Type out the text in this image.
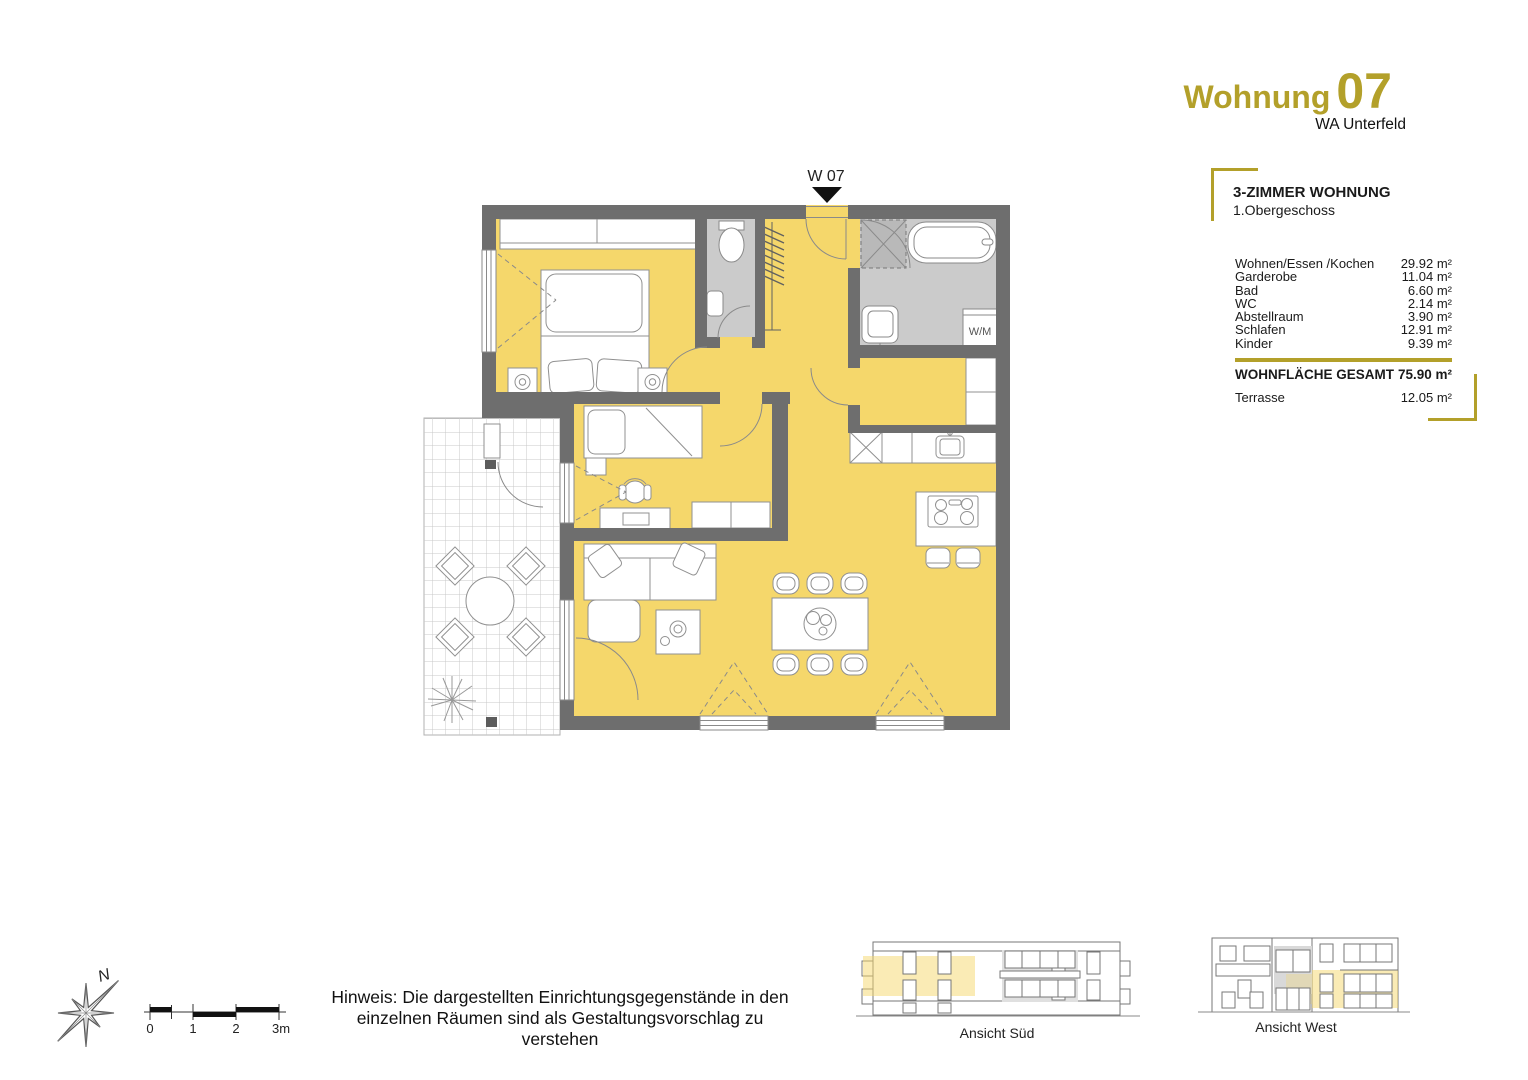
Wohnung 07
WA Unterfeld
3-ZIMMER WOHNUNG
1.Obergeschoss
Wohnen/Essen /Kochen 29.92 m²
Garderobe	11.04 m²
Bad	6.60 m²
WC	2.14 m²
Abstellraum	3.90 m²
Schlafen	12.91 m²
Kinder	9.39 m²
WOHNFLÄCHE GESAMT 75.90 m²
Terrasse	12.05 m²
W/M
W 07
N
0	1	2 3m	Ansicht Süd	Ansicht West
Hinweis: Die dargestellten Einrichtungsgegenstände in den
einzelnen Räumen sind als Gestaltungsvorschlag zu verstehen
